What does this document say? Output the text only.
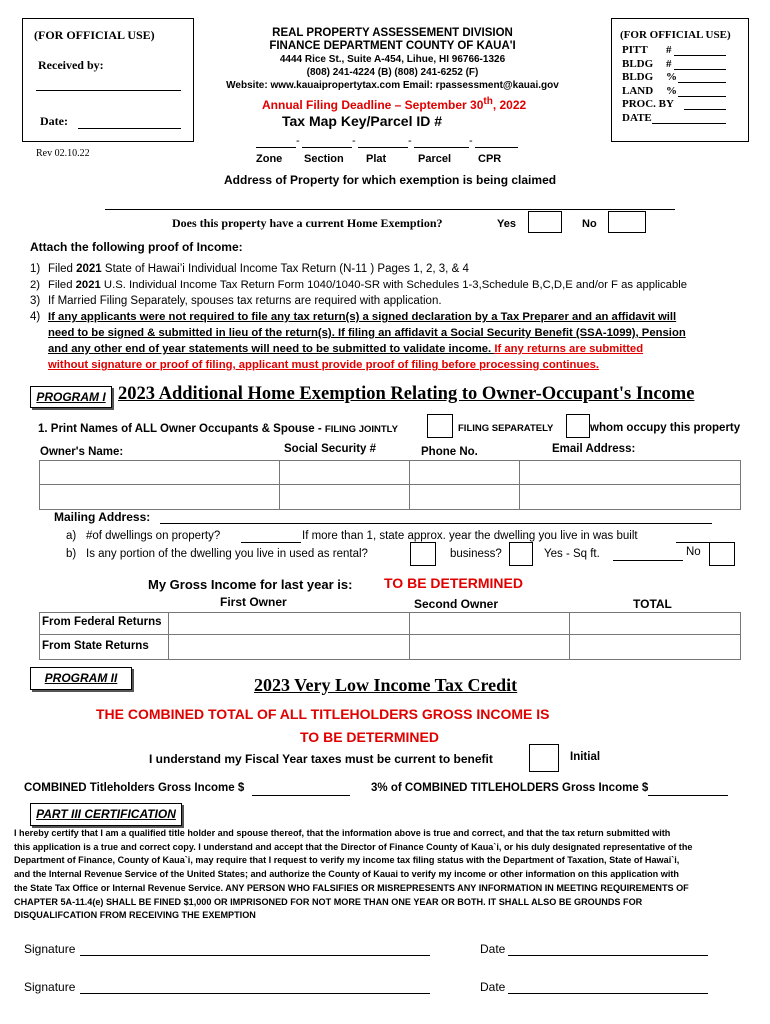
(FOR OFFICIAL USE)
Received by:
Date:
Rev 02.10.22
REAL PROPERTY ASSESSEMENT DIVISION
FINANCE DEPARTMENT COUNTY OF KAUA'I
4444 Rice St., Suite A-454, Lihue, HI 96766-1326
(808) 241-4224 (B) (808) 241-6252 (F)
Website: www.kauaipropertytax.com Email: rpassessment@kauai.gov
Annual Filing Deadline – September 30th, 2022
Tax Map Key/Parcel ID #
-	-	-	-
Zone Section Plat	Parcel CPR
(FOR OFFICIAL USE)
PITT #
BLDG #
BLDG %
LAND %
PROC. BY
DATE
Address of Property for which exemption is being claimed
Does this property have a current Home Exemption?	Yes	No
Attach the following proof of Income:
1) Filed 2021 State of Hawai’i Individual Income Tax Return (N-11 ) Pages 1, 2, 3, & 4
2) Filed 2021 U.S. Individual Income Tax Return Form 1040/1040-SR with Schedules 1-3,Schedule B,C,D,E and/or F as applicable
3) If Married Filing Separately, spouses tax returns are required with application.
4) If any applicants were not required to file any tax return(s) a signed declaration by a Tax Preparer and an affidavit will
need to be signed & submitted in lieu of the return(s). If filing an affidavit a Social Security Benefit (SSA-1099), Pension
and any other end of year statements will need to be submitted to validate income. If any returns are submitted
without signature or proof of filing, applicant must provide proof of filing before processing continues.
PROGRAM I 2023 Additional Home Exemption Relating to Owner-Occupant's Income
1. Print Names of ALL Owner Occupants & Spouse - FILING JOINTLY	FILING SEPARATELY	whom occupy this property
Owner's Name:	Social Security #	Phone No.	Email Address:
Mailing Address:
a) #of dwellings on property?	If more than 1, state approx. year the dwelling you live in was built
b) Is any portion of the dwelling you live in used as rental?	business?	Yes - Sq ft.	No
My Gross Income for last year is: TO BE DETERMINED
First Owner	Second Owner	TOTAL
From Federal Returns
From State Returns
PROGRAM II	2023 Very Low Income Tax Credit
THE COMBINED TOTAL OF ALL TITLEHOLDERS GROSS INCOME IS
TO BE DETERMINED
I understand my Fiscal Year taxes must be current to benefit	Initial
COMBINED Titleholders Gross Income $	3% of COMBINED TITLEHOLDERS Gross Income $
PART III CERTIFICATION
I hereby certify that I am a qualified title holder and spouse thereof, that the information above is true and correct, and that the tax return submitted with
this application is a true and correct copy. I understand and accept that the Director of Finance County of Kaua`i, or his duly designated representative of the
Department of Finance, County of Kaua`i, may require that I request to verify my income tax filing status with the Department of Taxation, State of Hawai`i,
and the Internal Revenue Service of the United States; and authorize the County of Kauai to verify my income or other information on this application with
the State Tax Office or Internal Revenue Service. ANY PERSON WHO FALSIFIES OR MISREPRESENTS ANY INFORMATION IN MEETING REQUIREMENTS OF
CHAPTER 5A-11.4(e) SHALL BE FINED $1,000 OR IMPRISONED FOR NOT MORE THAN ONE YEAR OR BOTH. IT SHALL ALSO BE GROUNDS FOR
DISQUALIFCATION FROM RECEIVING THE EXEMPTION
Signature	Date
Signature	Date
